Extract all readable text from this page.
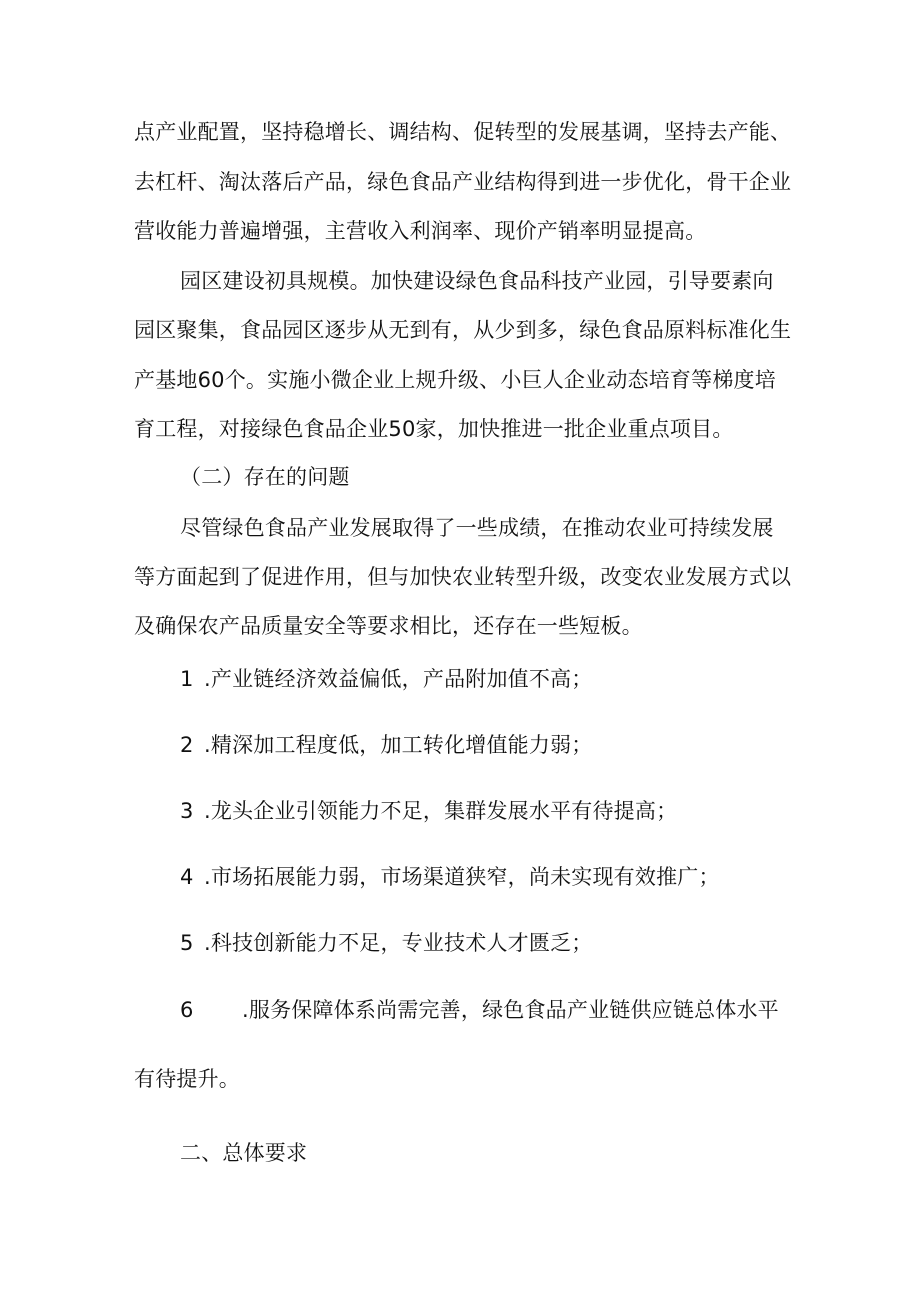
点产业配置，坚持稳增长、调结构、促转型的发展基调，坚持去产能、

去杠杆、淘汰落后产品，绿色食品产业结构得到进一步优化，骨干企业

营收能力普遍增强，主营收入利润率、现价产销率明显提高。

园区建设初具规模。加快建设绿色食品科技产业园，引导要素向

园区聚集，食品园区逐步从无到有，从少到多，绿色食品原料标准化生

产基地60个。实施小微企业上规升级、小巨人企业动态培育等梯度培

育工程，对接绿色食品企业50家，加快推进一批企业重点项目。

（二）存在的问题

尽管绿色食品产业发展取得了一些成绩，在推动农业可持续发展

等方面起到了促进作用，但与加快农业转型升级，改变农业发展方式以

及确保农产品质量安全等要求相比，还存在一些短板。

1 .产业链经济效益偏低，产品附加值不高；

2 .精深加工程度低，加工转化增值能力弱；

3 .龙头企业引领能力不足，集群发展水平有待提高；

4 .市场拓展能力弱，市场渠道狭窄，尚未实现有效推广；

5 .科技创新能力不足，专业技术人才匮乏；

6 .服务保障体系尚需完善，绿色食品产业链供应链总体水平

有待提升。

二、总体要求
